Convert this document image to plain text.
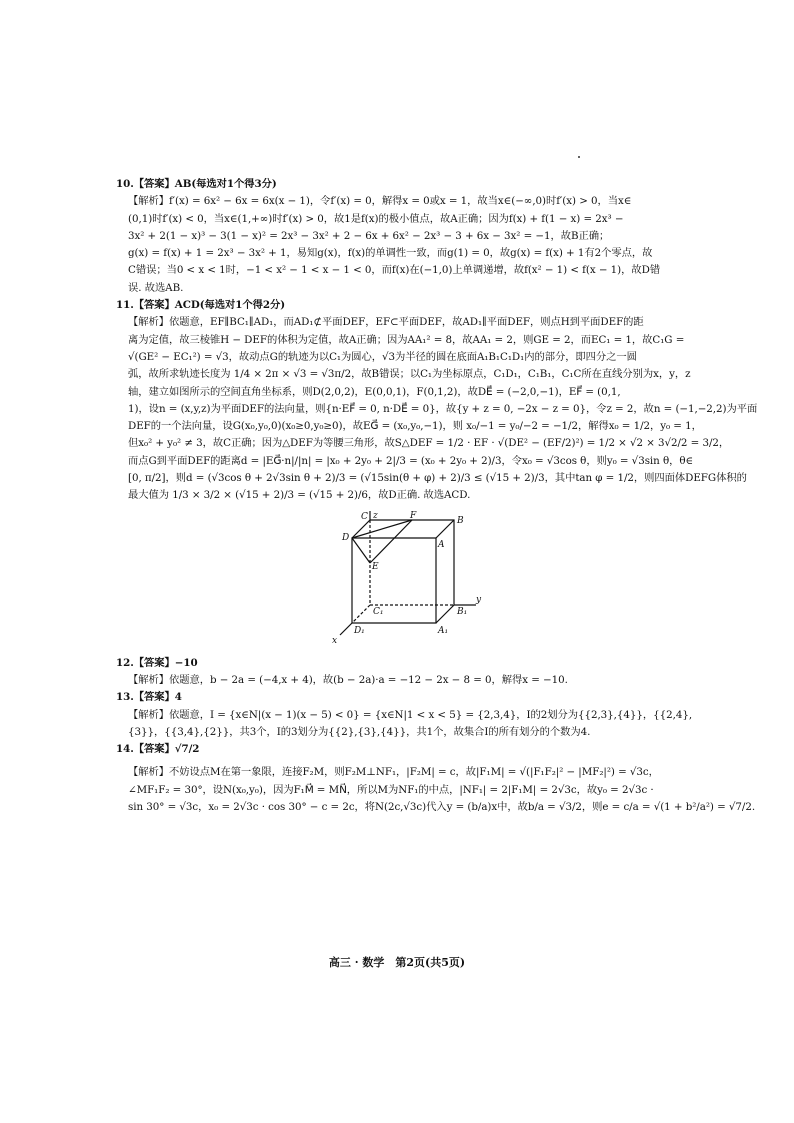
10.【答案】AB(每选对1个得3分)
【解析】f′(x) = 6x² − 6x = 6x(x − 1)，令f′(x) = 0，解得x = 0或x = 1，故当x∈(−∞,0)时f′(x) > 0，当x∈
(0,1)时f′(x) < 0，当x∈(1,+∞)时f′(x) > 0，故1是f(x)的极小值点，故A正确；因为f(x) + f(1 − x) = 2x³ −
3x² + 2(1 − x)³ − 3(1 − x)² = 2x³ − 3x² + 2 − 6x + 6x² − 2x³ − 3 + 6x − 3x² = −1，故B正确；
g(x) = f(x) + 1 = 2x³ − 3x² + 1，易知g(x)，f(x)的单调性一致，而g(1) = 0，故g(x) = f(x) + 1有2个零点，故
C错误；当0 < x < 1时，−1 < x² − 1 < x − 1 < 0，而f(x)在(−1,0)上单调递增，故f(x² − 1) < f(x − 1)，故D错
误. 故选AB.
11.【答案】ACD(每选对1个得2分)
【解析】依题意，EF∥BC₁∥AD₁，而AD₁⊄平面DEF，EF⊂平面DEF，故AD₁∥平面DEF，则点H到平面DEF的距
离为定值，故三棱锥H − DEF的体积为定值，故A正确；因为AA₁² = 8，故AA₁ = 2，则GE = 2，而EC₁ = 1，故C₁G =
√(GE² − EC₁²) = √3，故动点G的轨迹为以C₁为圆心，√3为半径的圆在底面A₁B₁C₁D₁内的部分，即四分之一圆
弧，故所求轨迹长度为 1/4 × 2π × √3 = √3π/2，故B错误；以C₁为坐标原点，C₁D₁，C₁B₁，C₁C所在直线分别为x，y，z
轴，建立如图所示的空间直角坐标系，则D(2,0,2)，E(0,0,1)，F(0,1,2)，故DE⃗ = (−2,0,−1)，EF⃗ = (0,1,
1)，设n = (x,y,z)为平面DEF的法向量，则{n·EF⃗ = 0, n·DE⃗ = 0}，故{y + z = 0, −2x − z = 0}，令z = 2，故n = (−1,−2,2)为平面
DEF的一个法向量，设G(x₀,y₀,0)(x₀≥0,y₀≥0)，故EG⃗ = (x₀,y₀,−1)，则 x₀/−1 = y₀/−2 = −1/2，解得x₀ = 1/2，y₀ = 1，
但x₀² + y₀² ≠ 3，故C正确；因为△DEF为等腰三角形，故S△DEF = 1/2 · EF · √(DE² − (EF/2)²) = 1/2 × √2 × 3√2/2 = 3/2，
而点G到平面DEF的距离d = |EG⃗·n|/|n| = |x₀ + 2y₀ + 2|/3 = (x₀ + 2y₀ + 2)/3，令x₀ = √3cos θ，则y₀ = √3sin θ，θ∈
[0, π/2]，则d = (√3cos θ + 2√3sin θ + 2)/3 = (√15sin(θ + φ) + 2)/3 ≤ (√15 + 2)/3，其中tan φ = 1/2，则四面体DEFG体积的
最大值为 1/3 × 3/2 × (√15 + 2)/3 = (√15 + 2)/6，故D正确. 故选ACD.
z
C	F	B
D
A
E
y
C₁	B₁
x
D₁	A₁
12.【答案】−10
【解析】依题意，b − 2a = (−4,x + 4)，故(b − 2a)·a = −12 − 2x − 8 = 0，解得x = −10.
13.【答案】4
【解析】依题意，I = {x∈N|(x − 1)(x − 5) < 0} = {x∈N|1 < x < 5} = {2,3,4}，I的2划分为{{2,3},{4}}，{{2,4},
{3}}，{{3,4},{2}}，共3个，I的3划分为{{2},{3},{4}}，共1个，故集合I的所有划分的个数为4.
14.【答案】√7/2
【解析】不妨设点M在第一象限，连接F₂M，则F₂M⊥NF₁，|F₂M| = c，故|F₁M| = √(|F₁F₂|² − |MF₂|²) = √3c，
∠MF₁F₂ = 30°，设N(x₀,y₀)，因为F₁M⃗ = MN⃗，所以M为NF₁的中点，|NF₁| = 2|F₁M| = 2√3c，故y₀ = 2√3c ·
sin 30° = √3c，x₀ = 2√3c · cos 30° − c = 2c，将N(2c,√3c)代入y = (b/a)x中，故b/a = √3/2，则e = c/a = √(1 + b²/a²) = √7/2.
高三 · 数学　第2页(共5页)
